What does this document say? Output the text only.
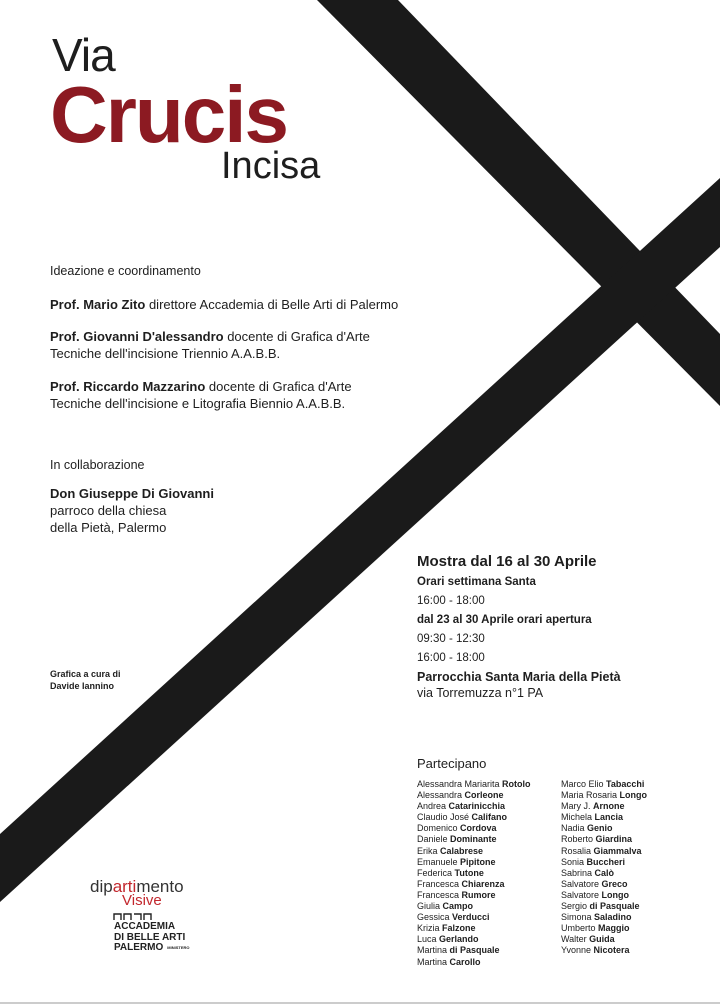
Via
Crucis
Incisa
Ideazione e coordinamento
Prof. Mario Zito direttore Accademia di Belle Arti di Palermo
Prof. Giovanni D'alessandro docente di Grafica d'Arte
Tecniche dell'incisione Triennio A.A.B.B.
Prof. Riccardo Mazzarino docente di Grafica d'Arte
Tecniche dell'incisione e Litografia Biennio A.A.B.B.
In collaborazione
Don Giuseppe Di Giovanni
parroco della chiesa
della Pietà, Palermo
Mostra dal 16 al 30 Aprile
Orari settimana Santa
16:00 - 18:00
dal 23 al 30 Aprile orari apertura
09:30 - 12:30
16:00 - 18:00
Parrocchia Santa Maria della Pietà
via Torremuzza n°1 PA
Grafica a cura di
Davide Iannino
Partecipano
Alessandra Mariarita Rotolo
Alessandra Corleone
Andrea Catarinicchia
Claudio José Califano
Domenico Cordova
Daniele Dominante
Erika Calabrese
Emanuele Pipitone
Federica Tutone
Francesca Chiarenza
Francesca Rumore
Giulia Campo
Gessica Verducci
Krizia Falzone
Luca Gerlando
Martina di Pasquale
Martina Carollo
Marco Elio Tabacchi
Maria Rosaria Longo
Mary J. Arnone
Michela Lancia
Nadia Genio
Roberto Giardina
Rosalia Giammalva
Sonia Buccheri
Sabrina Calò
Salvatore Greco
Salvatore Longo
Sergio di Pasquale
Simona Saladino
Umberto Maggio
Walter Guida
Yvonne Nicotera
dipartimento
Visive
ACCADEMIA
DI BELLE ARTI
PALERMO MINISTERO
